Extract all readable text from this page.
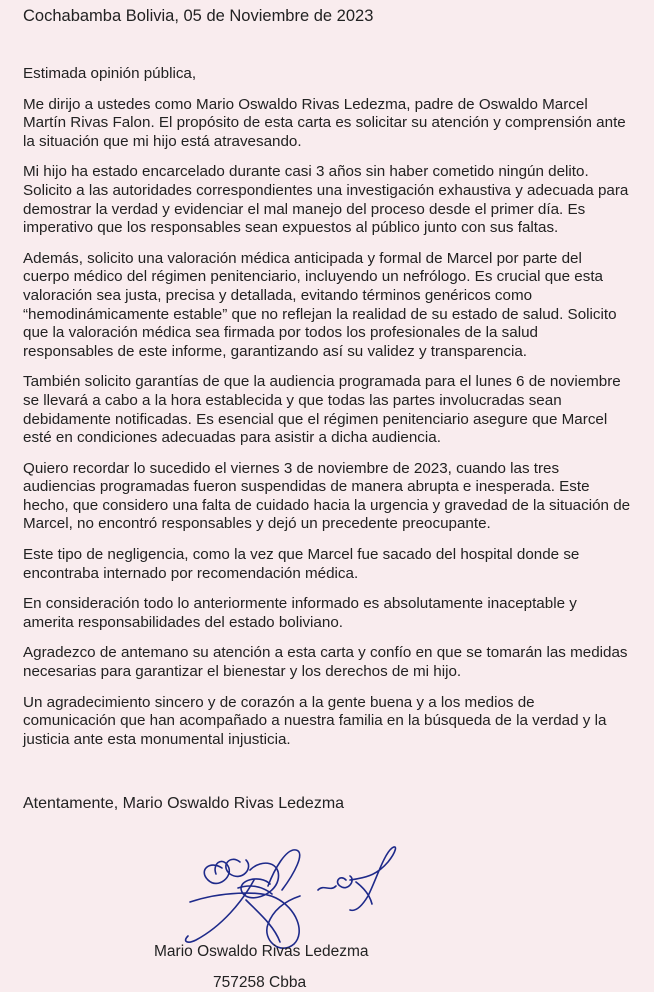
Cochabamba Bolivia, 05 de Noviembre de 2023

Estimada opinión pública,

Me dirijo a ustedes como Mario Oswaldo Rivas Ledezma, padre de Oswaldo Marcel Martín Rivas Falon. El propósito de esta carta es solicitar su atención y comprensión ante la situación que mi hijo está atravesando.

Mi hijo ha estado encarcelado durante casi 3 años sin haber cometido ningún delito. Solicito a las autoridades correspondientes una investigación exhaustiva y adecuada para demostrar la verdad y evidenciar el mal manejo del proceso desde el primer día. Es imperativo que los responsables sean expuestos al público junto con sus faltas.

Además, solicito una valoración médica anticipada y formal de Marcel por parte del cuerpo médico del régimen penitenciario, incluyendo un nefrólogo. Es crucial que esta valoración sea justa, precisa y detallada, evitando términos genéricos como “hemodinámicamente estable” que no reflejan la realidad de su estado de salud. Solicito que la valoración médica sea firmada por todos los profesionales de la salud responsables de este informe, garantizando así su validez y transparencia.

También solicito garantías de que la audiencia programada para el lunes 6 de noviembre se llevará a cabo a la hora establecida y que todas las partes involucradas sean debidamente notificadas. Es esencial que el régimen penitenciario asegure que Marcel esté en condiciones adecuadas para asistir a dicha audiencia.

Quiero recordar lo sucedido el viernes 3 de noviembre de 2023, cuando las tres audiencias programadas fueron suspendidas de manera abrupta e inesperada. Este hecho, que considero una falta de cuidado hacia la urgencia y gravedad de la situación de Marcel, no encontró responsables y dejó un precedente preocupante.

Este tipo de negligencia, como la vez que Marcel fue sacado del hospital donde se encontraba internado por recomendación médica.

En consideración todo lo anteriormente informado es absolutamente inaceptable y amerita responsabilidades del estado boliviano.

Agradezco de antemano su atención a esta carta y confío en que se tomarán las medidas necesarias para garantizar el bienestar y los derechos de mi hijo.

Un agradecimiento sincero y de corazón a la gente buena y a los medios de comunicación que han acompañado a nuestra familia en la búsqueda de la verdad y la justicia ante esta monumental injusticia.

Atentamente, Mario Oswaldo Rivas Ledezma

Mario Oswaldo Rivas Ledezma
757258 Cbba
